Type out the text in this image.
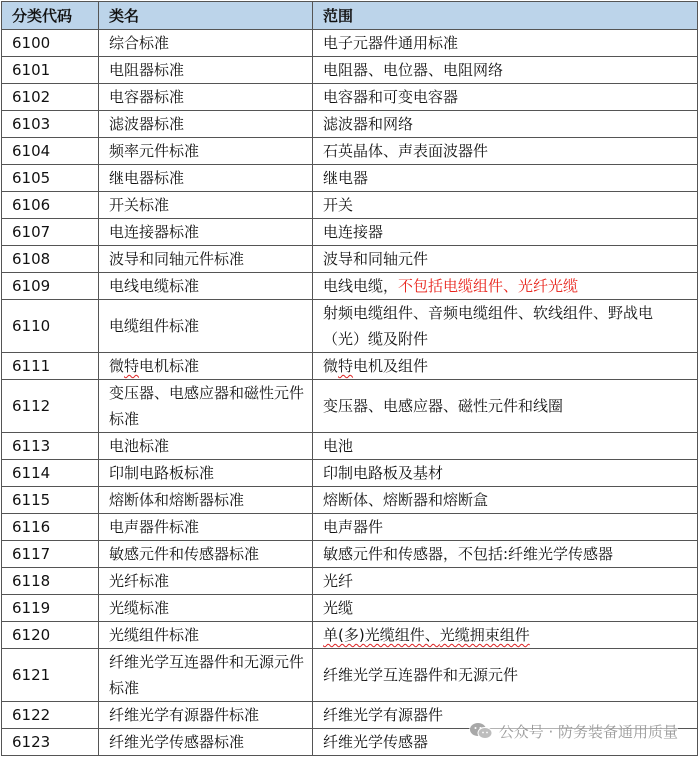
分类代码	类名	范围
6100	综合标准	电子元器件通用标准
6101	电阻器标准	电阻器、电位器、电阻网络
6102	电容器标准	电容器和可变电容器
6103	滤波器标准	滤波器和网络
6104	频率元件标准	石英晶体、声表面波器件
6105	继电器标准	继电器
6106	开关标准	开关
6107	电连接器标准	电连接器
6108	波导和同轴元件标准	波导和同轴元件
6109	电线电缆标准	电线电缆，不包括电缆组件、光纤光缆
6110	电缆组件标准	射频电缆组件、音频电缆组件、软线组件、野战电（光）缆及附件
6111	微特电机标准	微特电机及组件
6112	变压器、电感应器和磁性元件标准	变压器、电感应器、磁性元件和线圈
6113	电池标准	电池
6114	印制电路板标准	印制电路板及基材
6115	熔断体和熔断器标准	熔断体、熔断器和熔断盒
6116	电声器件标准	电声器件
6117	敏感元件和传感器标准	敏感元件和传感器，不包括:纤维光学传感器
6118	光纤标准	光纤
6119	光缆标准	光缆
6120	光缆组件标准	单(多)光缆组件、光缆拥束组件
6121	纤维光学互连器件和无源元件标准	纤维光学互连器件和无源元件
6122	纤维光学有源器件标准	纤维光学有源器件
6123	纤维光学传感器标准	纤维光学传感器
公众号 · 防务装备通用质量
